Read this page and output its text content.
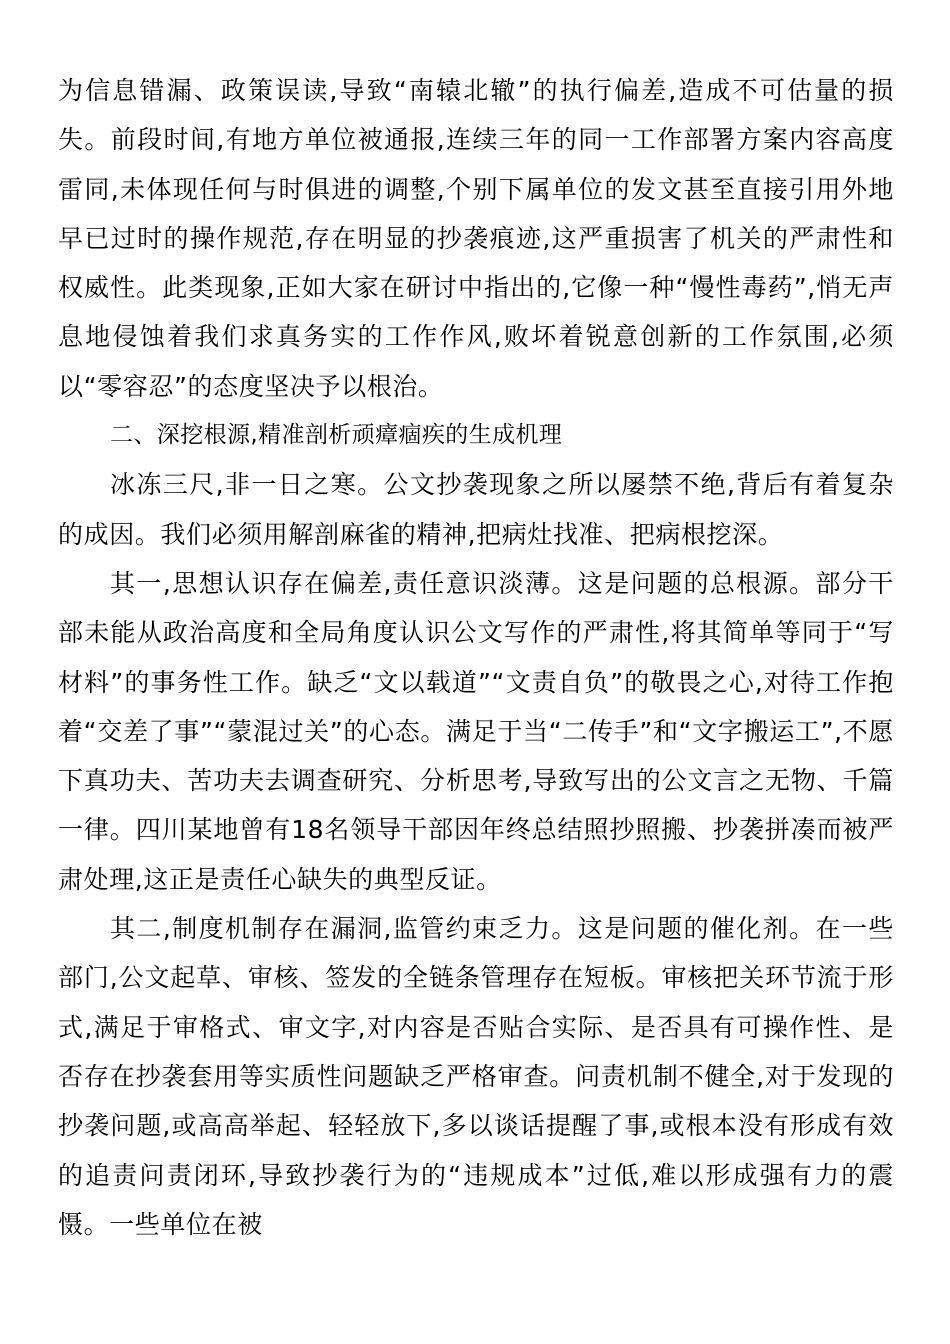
为信息错漏、政策误读,导致“南辕北辙”的执行偏差,造成不可估量的损失。前段时间,有地方单位被通报,连续三年的同一工作部署方案内容高度雷同,未体现任何与时俱进的调整,个别下属单位的发文甚至直接引用外地早已过时的操作规范,存在明显的抄袭痕迹,这严重损害了机关的严肃性和权威性。此类现象,正如大家在研讨中指出的,它像一种“慢性毒药”,悄无声息地侵蚀着我们求真务实的工作作风,败坏着锐意创新的工作氛围,必须以“零容忍”的态度坚决予以根治。

二、深挖根源,精准剖析顽瘴痼疾的生成机理

冰冻三尺,非一日之寒。公文抄袭现象之所以屡禁不绝,背后有着复杂的成因。我们必须用解剖麻雀的精神,把病灶找准、把病根挖深。

其一,思想认识存在偏差,责任意识淡薄。这是问题的总根源。部分干部未能从政治高度和全局角度认识公文写作的严肃性,将其简单等同于“写材料”的事务性工作。缺乏“文以载道”“文责自负”的敬畏之心,对待工作抱着“交差了事”“蒙混过关”的心态。满足于当“二传手”和“文字搬运工”,不愿下真功夫、苦功夫去调查研究、分析思考,导致写出的公文言之无物、千篇一律。四川某地曾有18名领导干部因年终总结照抄照搬、抄袭拼凑而被严肃处理,这正是责任心缺失的典型反证。

其二,制度机制存在漏洞,监管约束乏力。这是问题的催化剂。在一些部门,公文起草、审核、签发的全链条管理存在短板。审核把关环节流于形式,满足于审格式、审文字,对内容是否贴合实际、是否具有可操作性、是否存在抄袭套用等实质性问题缺乏严格审查。问责机制不健全,对于发现的抄袭问题,或高高举起、轻轻放下,多以谈话提醒了事,或根本没有形成有效的追责问责闭环,导致抄袭行为的“违规成本”过低,难以形成强有力的震慑。一些单位在被
